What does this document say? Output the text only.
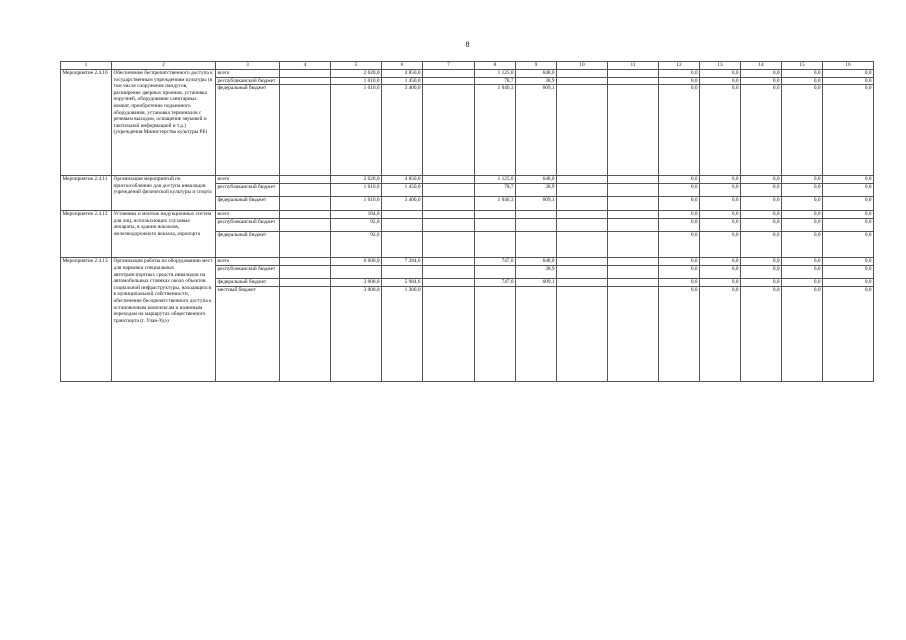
8
1	2	3	4	5	6	7	8	9	10	11	12	13	14	15	16
Мероприятие 2.4.10	Обеспечение беспрепятственного доступа к государственным учреждениям культуры (в том числе сооружение пандусов, расширение дверных проемов, установка поручней, оборудование санитарных комнат, приобретение подъемного оборудования, установка терминалов с речевым выходом, оснащение звуковой и тактильной информацией и т.д.) (учреждения Министерства культуры РБ)	всего		2 020,0	4 850,0		1 125,0	648,0			0,0	0,0	0,0	0,0	0,0
		республиканский бюджет		1 010,0	1 450,0		78,7	38,9			0,0	0,0	0,0	0,0	0,0
		федеральный бюджет		1 010,0	3 400,0		1 046,3	609,1			0,0	0,0	0,0	0,0	0,0
Мероприятие 2.4.11	Организация мероприятий по приспособлению для доступа инвалидов учреждений физической культуры и спорта	всего		2 020,0	4 850,0		1 125,0	648,0			0,0	0,0	0,0	0,0	0,0
		республиканский бюджет		1 010,0	1 450,0		78,7	38,9			0,0	0,0	0,0	0,0	0,0
		федеральный бюджет		1 010,0	3 400,0		1 046,3	609,1			0,0	0,0	0,0	0,0	0,0
Мероприятие 2.4.12	Установка и монтаж индукционных систем для лиц, использующих слуховые аппараты, в здании вокзалов, железнодорожного вокзала, аэропорта	всего		184,0							0,0	0,0	0,0	0,0	0,0
		республиканский бюджет		92,0							0,0	0,0	0,0	0,0	0,0
		федеральный бюджет		92,0							0,0	0,0	0,0	0,0	0,0
Мероприятие 2.4.13	Организация работы на оборудованию мест для парковки специальных автотранспортных средств инвалидов на автомобильных стоянках около объектов социальной инфраструктуры, находящихся в муниципальной собственности, обеспечение беспрепятственного доступа к остановочным комплексам и наземным переходам на маршрутах общественного транспорта (г. Улан-Удэ)	всего		6 000,0	7 284,6		747,0	648,0			0,0	0,0	0,0	0,0	0,0
		республиканский бюджет						38,9			0,0	0,0	0,0	0,0	0,0
		федеральный бюджет		3 000,0	5 984,6		747,0	609,1			0,0	0,0	0,0	0,0	0,0
		местный бюджет		3 000,0	1 300,0						0,0	0,0	0,0	0,0	0,0
